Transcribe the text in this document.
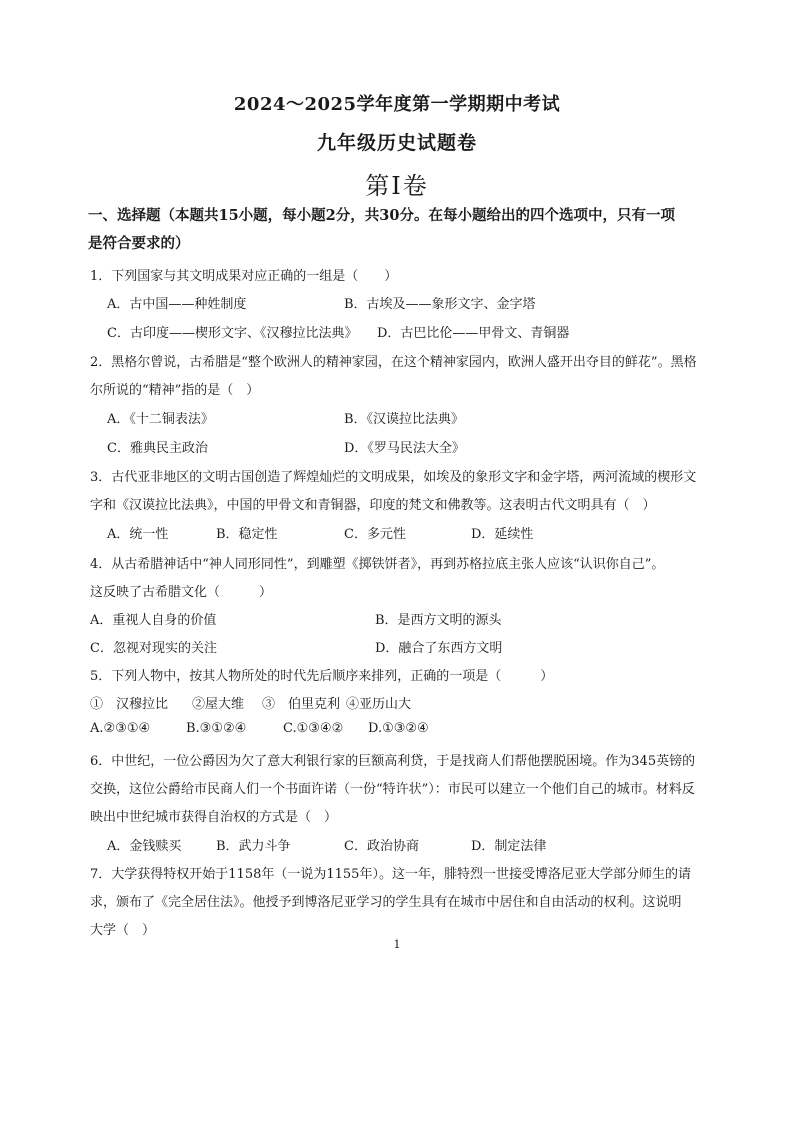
2024～2025学年度第一学期期中考试
九年级历史试题卷
第Ⅰ卷
一、选择题（本题共15小题，每小题2分，共30分。在每小题给出的四个选项中，只有一项
是符合要求的）
1．下列国家与其文明成果对应正确的一组是（　　）
A．古中国——种姓制度	B．古埃及——象形文字、金字塔
C．古印度——楔形文字、《汉穆拉比法典》 D．古巴比伦——甲骨文、青铜器
2．黑格尔曾说，古希腊是“整个欧洲人的精神家园，在这个精神家园内，欧洲人盛开出夺目的鲜花”。黑格
尔所说的“精神”指的是（　）
A．《十二铜表法》	B．《汉谟拉比法典》
C．雅典民主政治	D．《罗马民法大全》
3．古代亚非地区的文明古国创造了辉煌灿烂的文明成果，如埃及的象形文字和金字塔，两河流域的楔形文
字和《汉谟拉比法典》，中国的甲骨文和青铜器，印度的梵文和佛教等。这表明古代文明具有（　）
A．统一性	B．稳定性	C．多元性	D．延续性
4．从古希腊神话中“神人同形同性”，到雕塑《掷铁饼者》，再到苏格拉底主张人应该“认识你自己”。
这反映了古希腊文化（　　　）
A．重视人自身的价值	B．是西方文明的源头
C．忽视对现实的关注	D．融合了东西方文明
5．下列人物中，按其人物所处的时代先后顺序来排列，正确的一项是（　　　）
①　汉穆拉比 ②屋大维 ③　伯里克利 ④亚历山大
A.②③①④	B.③①②④	C.①③④② D.①③②④
6．中世纪，一位公爵因为欠了意大利银行家的巨额高利贷，于是找商人们帮他摆脱困境。作为345英镑的
交换，这位公爵给市民商人们一个书面许诺（一份“特许状”）：市民可以建立一个他们自己的城市。材料反
映出中世纪城市获得自治权的方式是（　）
A．金钱赎买	B．武力斗争	C．政治协商	D．制定法律
7．大学获得特权开始于1158年（一说为1155年）。这一年，腓特烈一世接受博洛尼亚大学部分师生的请
求，颁布了《完全居住法》。他授予到博洛尼亚学习的学生具有在城市中居住和自由活动的权利。这说明
大学（　）
1
